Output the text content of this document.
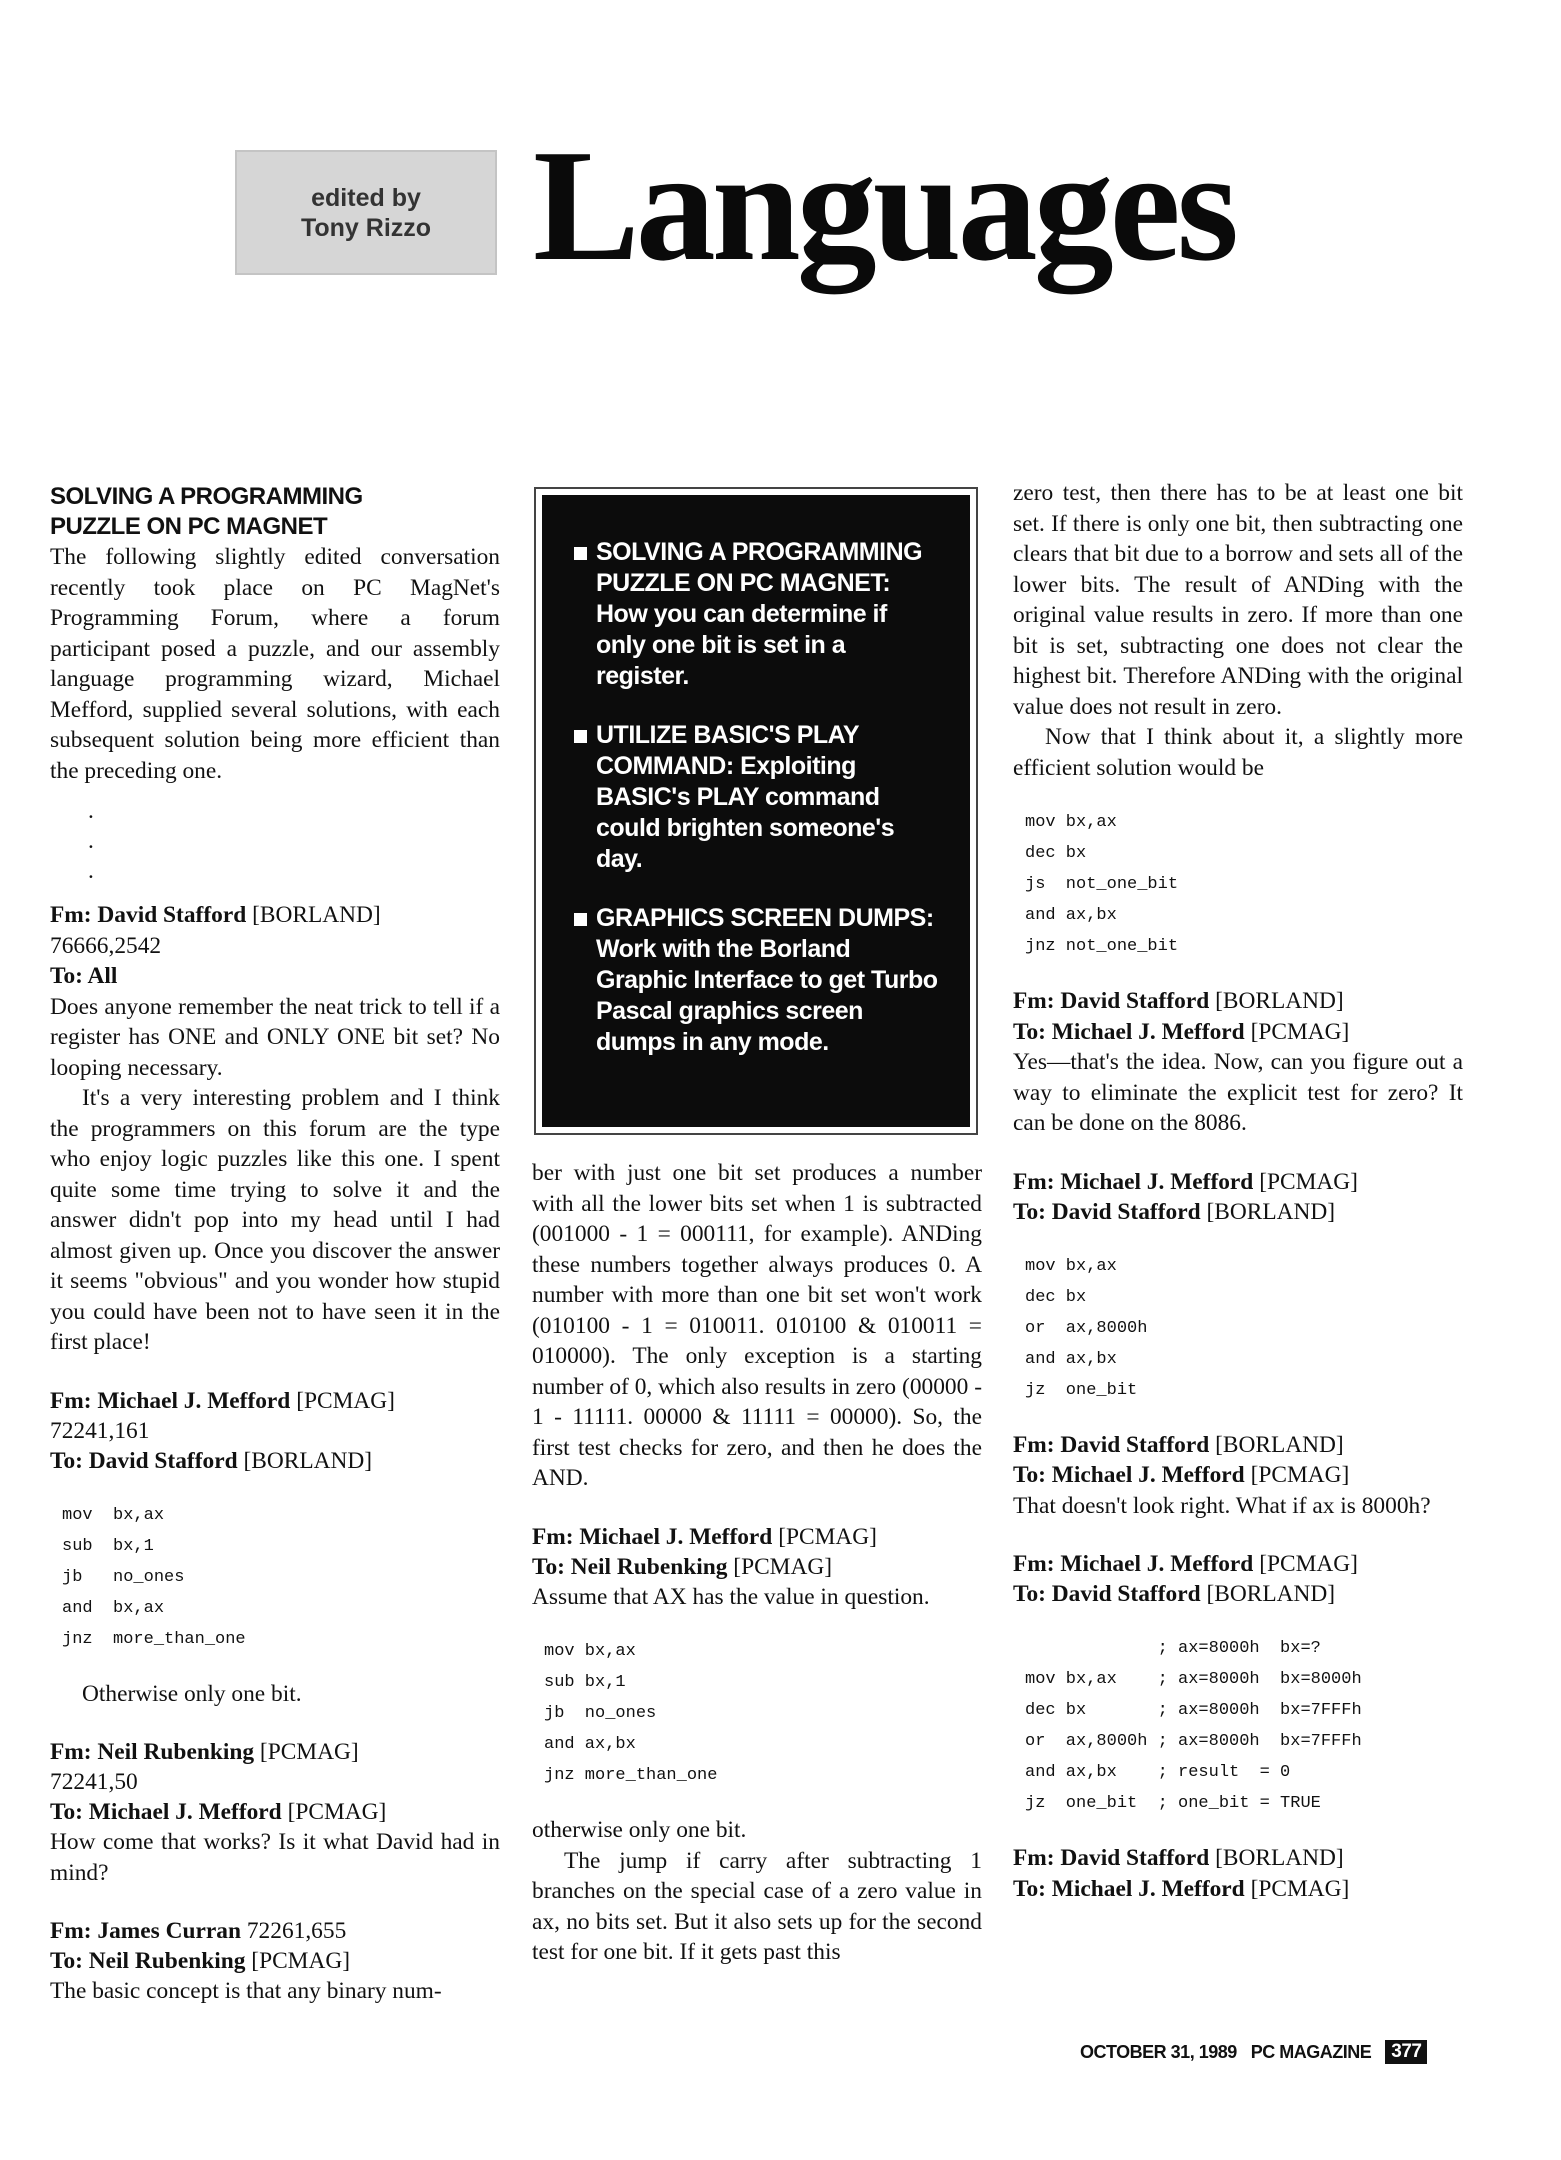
edited by
Tony Rizzo Languages
SOLVING A PROGRAMMING
PUZZLE ON PC MAGNET

The following slightly edited conversation recently took place on PC MagNet's Programming Forum, where a forum participant posed a puzzle, and our assembly language programming wizard, Michael Mefford, supplied several solutions, with each subsequent solution being more efficient than the preceding one.

.
.
.
Fm: David Stafford [BORLAND]
76666,2542
To: All

Does anyone remember the neat trick to tell if a register has ONE and ONLY ONE bit set? No looping necessary.

It's a very interesting problem and I think the programmers on this forum are the type who enjoy logic puzzles like this one. I spent quite some time trying to solve it and the answer didn't pop into my head until I had almost given up. Once you discover the answer it seems "obvious" and you wonder how stupid you could have been not to have seen it in the first place!

Fm: Michael J. Mefford [PCMAG]
72241,161
To: David Stafford [BORLAND]
mov  bx,ax
sub  bx,1
jb   no_ones
and  bx,ax
jnz  more_than_one

Otherwise only one bit.

Fm: Neil Rubenking [PCMAG]
72241,50
To: Michael J. Mefford [PCMAG]

How come that works? Is it what David had in mind?

Fm: James Curran 72261,655
To: Neil Rubenking [PCMAG]

The basic concept is that any binary num-

SOLVING A PROGRAMMING PUZZLE ON PC MAGNET: How you can determine if only one bit is set in a register.
UTILIZE BASIC'S PLAY COMMAND: Exploiting BASIC's PLAY command could brighten someone's day.
GRAPHICS SCREEN DUMPS: Work with the Borland Graphic Interface to get Turbo Pascal graphics screen dumps in any mode.

ber with just one bit set produces a number with all the lower bits set when 1 is subtracted (001000 - 1 = 000111, for example). ANDing these numbers together always produces 0. A number with more than one bit set won't work (010100 - 1 = 010011. 010100 & 010011 = 010000). The only exception is a starting number of 0, which also results in zero (00000 - 1 - 11111. 00000 & 11111 = 00000). So, the first test checks for zero, and then he does the AND.

Fm: Michael J. Mefford [PCMAG]
To: Neil Rubenking [PCMAG]

Assume that AX has the value in question.

mov bx,ax
sub bx,1
jb  no_ones
and ax,bx
jnz more_than_one

otherwise only one bit.

The jump if carry after subtracting 1 branches on the special case of a zero value in ax, no bits set. But it also sets up for the second test for one bit. If it gets past this

zero test, then there has to be at least one bit set. If there is only one bit, then subtracting one clears that bit due to a borrow and sets all of the lower bits. The result of ANDing with the original value results in zero. If more than one bit is set, subtracting one does not clear the highest bit. Therefore ANDing with the original value does not result in zero.

Now that I think about it, a slightly more efficient solution would be

mov bx,ax
dec bx
js  not_one_bit
and ax,bx
jnz not_one_bit
Fm: David Stafford [BORLAND]
To: Michael J. Mefford [PCMAG]

Yes—that's the idea. Now, can you figure out a way to eliminate the explicit test for zero? It can be done on the 8086.

Fm: Michael J. Mefford [PCMAG]
To: David Stafford [BORLAND]
mov bx,ax
dec bx
or  ax,8000h
and ax,bx
jz  one_bit
Fm: David Stafford [BORLAND]
To: Michael J. Mefford [PCMAG]

That doesn't look right. What if ax is 8000h?

Fm: Michael J. Mefford [PCMAG]
To: David Stafford [BORLAND]
; ax=8000h  bx=?
mov bx,ax    ; ax=8000h  bx=8000h
dec bx       ; ax=8000h  bx=7FFFh
or  ax,8000h ; ax=8000h  bx=7FFFh
and ax,bx    ; result  = 0
jz  one_bit  ; one_bit = TRUE
Fm: David Stafford [BORLAND]
To: Michael J. Mefford [PCMAG]
OCTOBER 31, 1989 PC MAGAZINE	377
